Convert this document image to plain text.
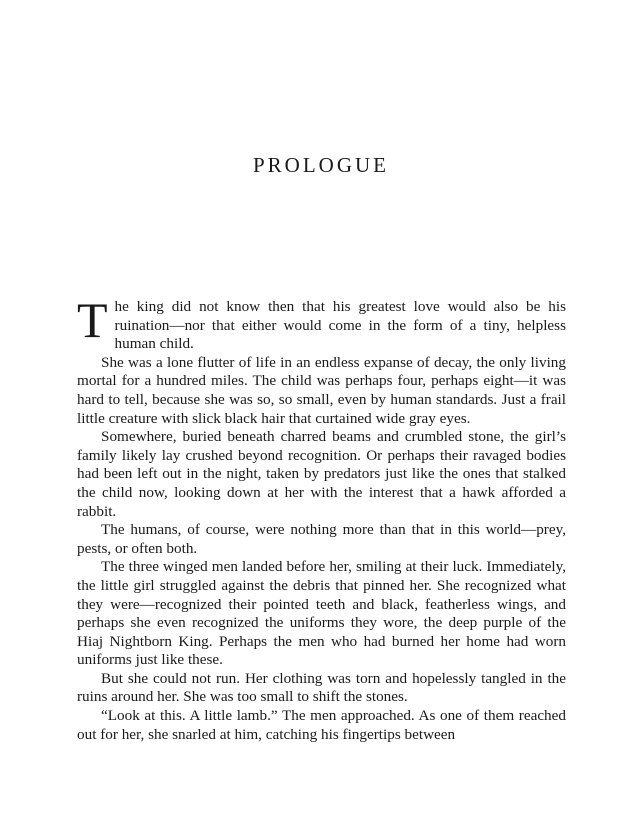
PROLOGUE

The king did not know then that his greatest love would also be his ruination—nor that either would come in the form of a tiny, helpless human child.

She was a lone flutter of life in an endless expanse of decay, the only living mortal for a hundred miles. The child was perhaps four, perhaps eight—it was hard to tell, because she was so, so small, even by human standards. Just a frail little creature with slick black hair that curtained wide gray eyes.

Somewhere, buried beneath charred beams and crumbled stone, the girl’s family likely lay crushed beyond recognition. Or perhaps their ravaged bodies had been left out in the night, taken by predators just like the ones that stalked the child now, looking down at her with the interest that a hawk afforded a rabbit.

The humans, of course, were nothing more than that in this world—prey, pests, or often both.

The three winged men landed before her, smiling at their luck. Immediately, the little girl struggled against the debris that pinned her. She recognized what they were—recognized their pointed teeth and black, featherless wings, and perhaps she even recognized the uniforms they wore, the deep purple of the Hiaj Nightborn King. Perhaps the men who had burned her home had worn uniforms just like these.

But she could not run. Her clothing was torn and hopelessly tangled in the ruins around her. She was too small to shift the stones.

“Look at this. A little lamb.” The men approached. As one of them reached out for her, she snarled at him, catching his fingertips between
